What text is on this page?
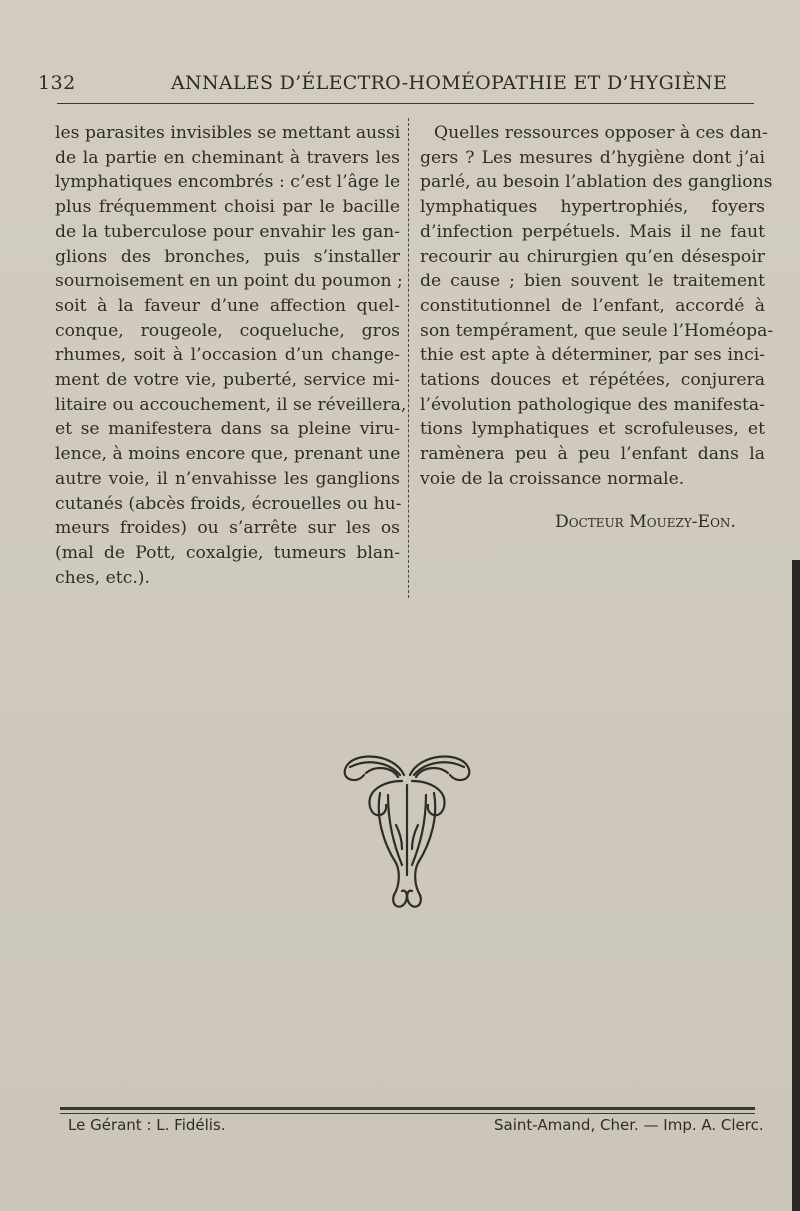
132	ANNALES D’ÉLECTRO-HOMÉOPATHIE ET D’HYGIÈNE
les parasites invisibles se mettant aussi
de la partie en cheminant à travers les
lymphatiques encombrés : c’est l’âge le
plus fréquemment choisi par le bacille
de la tuberculose pour envahir les gan-
glions des bronches, puis s’installer
sournoisement en un point du poumon ;
soit à la faveur d’une affection quel-
conque, rougeole, coqueluche, gros
rhumes, soit à l’occasion d’un change-
ment de votre vie, puberté, service mi-
litaire ou accouchement, il se réveillera,
et se manifestera dans sa pleine viru-
lence, à moins encore que, prenant une
autre voie, il n’envahisse les ganglions
cutanés (abcès froids, écrouelles ou hu-
meurs froides) ou s’arrête sur les os
(mal de Pott, coxalgie, tumeurs blan-
ches, etc.).
Quelles ressources opposer à ces dan-
gers ? Les mesures d’hygiène dont j’ai
parlé, au besoin l’ablation des ganglions
lymphatiques hypertrophiés, foyers
d’infection perpétuels. Mais il ne faut
recourir au chirurgien qu’en désespoir
de cause ; bien souvent le traitement
constitutionnel de l’enfant, accordé à
son tempérament, que seule l’Homéopa-
thie est apte à déterminer, par ses inci-
tations douces et répétées, conjurera
l’évolution pathologique des manifesta-
tions lymphatiques et scrofuleuses, et
ramènera peu à peu l’enfant dans la
voie de la croissance normale.
Docteur Mouezy-Eon.
Le Gérant : L. Fidélis.	Saint-Amand, Cher. — Imp. A. Clerc.
